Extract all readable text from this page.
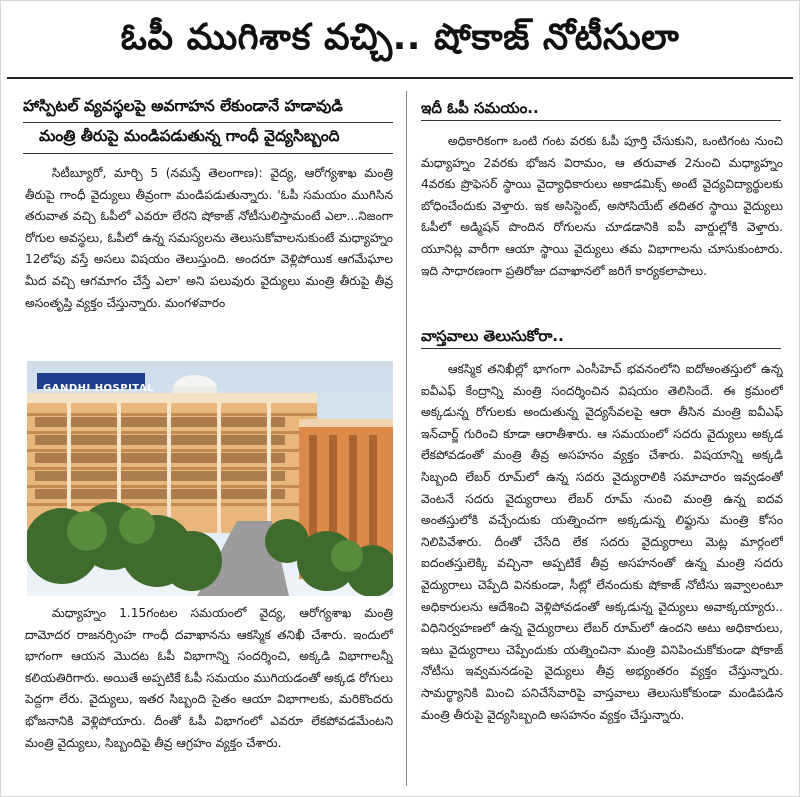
ఓపీ ముగిశాక వచ్చి.. షోకాజ్ నోటీసులా
హాస్పిటల్ వ్యవస్థలపై అవగాహన లేకుండానే హడావుడి
మంత్రి తీరుపై మండిపడుతున్న గాంధీ వైద్యసిబ్బంది

సిటీబ్యూరో, మార్చి 5 (నమస్తే తెలంగాణ): వైద్య, ఆరోగ్యశాఖ మంత్రి తీరుపై గాంధీ వైద్యులు తీవ్రంగా మండిపడుతున్నారు. 'ఓపీ సమయం ముగిసిన తరువాత వచ్చి ఓపీలో ఎవరూ లేరని షోకాజ్ నోటీసులిస్తామంటే ఎలా...నిజంగా రోగుల అవస్థలు, ఓపీలో ఉన్న సమస్యలను తెలుసుకోవాలనుకుంటే మధ్యాహ్నం 12లోపు వస్తే అసలు విషయం తెలుస్తుంది. అందరూ వెళ్లిపోయిక ఆగమేఘాల మీద వచ్చి ఆగమాగం చేస్తే ఎలా' అని పలువురు వైద్యులు మంత్రి తీరుపై తీవ్ర అసంతృప్తి వ్యక్తం చేస్తున్నారు. మంగళవారం

GANDHI HOSPITAL

మధ్యాహ్నం 1.15గంటల సమయంలో వైద్య, ఆరోగ్యశాఖ మంత్రి దామోదర రాజనర్సింహ గాంధీ దవాఖానను ఆకస్మిక తనిఖీ చేశారు. ఇందులో భాగంగా ఆయన మొదట ఓపీ విభాగాన్ని సందర్శించి, అక్కడి విభాగాలన్నీ కలియతిరిగారు. అయితే అప్పటికే ఓపీ సమయం ముగియడంతో అక్కడ రోగులు పెద్దగా లేరు. వైద్యులు, ఇతర సిబ్బంది సైతం ఆయా విభాగాలకు, మరికొందరు భోజనానికి వెళ్లిపోయారు. దీంతో ఓపీ విభాగంలో ఎవరూ లేకపోవడమేంటని మంత్రి వైద్యులు, సిబ్బందిపై తీవ్ర ఆగ్రహం వ్యక్తం చేశారు.

ఇదీ ఓపీ సమయం..

అధికారికంగా ఒంటి గంట వరకు ఓపీ పూర్తి చేసుకుని, ఒంటిగంట నుంచి మధ్యాహ్నం 2వరకు భోజన విరామం, ఆ తరువాత 2నుంచి మధ్యాహ్నం 4వరకు ప్రొఫెసర్ స్థాయి వైద్యాధికారులు అకాడమిక్స్ అంటే వైద్యవిద్యార్థులకు బోధించేందుకు వెళ్తారు. ఇక అసిస్టెంట్, అసోసియేట్ తదితర స్థాయి వైద్యులు ఓపీలో అడ్మిషన్ పొందిన రోగులను చూడడానికి ఐపీ వార్డుల్లోకి వెళ్తారు. యూనిట్ల వారీగా ఆయా స్థాయి వైద్యులు తమ విభాగాలను చూసుకుంటారు. ఇది సాధారణంగా ప్రతిరోజు దవాఖానలో జరిగే కార్యకలాపాలు.

వాస్తవాలు తెలుసుకోరా..

ఆకస్మిక తనిఖీల్లో భాగంగా ఎంసీహెచ్ భవనంలోని ఐదోఅంతస్తులో ఉన్న ఐవీఎఫ్ కేంద్రాన్ని మంత్రి సందర్శించిన విషయం తెలిసిందే. ఈ క్రమంలో అక్కడున్న రోగులకు అందుతున్న వైద్యసేవలపై ఆరా తీసిన మంత్రి ఐవీఎఫ్ ఇన్‌చార్జ్ గురించి కూడా ఆరాతీశారు. ఆ సమయంలో సదరు వైద్యులు అక్కడ లేకపోవడంతో మంత్రి తీవ్ర అసహనం వ్యక్తం చేశారు. విషయాన్ని అక్కడి సిబ్బంది లేబర్ రూమ్‌లో ఉన్న సదరు వైద్యురాలికి సమాచారం ఇవ్వడంతో వెంటనే సదరు వైద్యురాలు లేబర్ రూమ్ నుంచి మంత్రి ఉన్న ఐదవ అంతస్తులోకి వచ్చేందుకు యత్నించగా అక్కడున్న లిఫ్టును మంత్రి కోసం నిలిపివేశారు. దీంతో చేసేది లేక సదరు వైద్యురాలు మెట్ల మార్గంలో ఐదంతస్తులెక్కి వచ్చినా అప్పటికే తీవ్ర అసహనంతో ఉన్న మంత్రి సదరు వైద్యురాలు చెప్పేది వినకుండా, సీట్లో లేనందుకు షోకాజ్ నోటీసు ఇవ్వాలంటూ అధికారులను ఆదేశించి వెళ్లిపోవడంతో అక్కడున్న వైద్యులు అవాక్కయ్యారు.. విధినిర్వహణలో ఉన్న వైద్యురాలు లేబర్ రూమ్‌లో ఉందని అటు అధికారులు, ఇటు వైద్యురాలు చెప్పేందుకు యత్నించినా మంత్రి వినిపించుకోకుండా షోకాజ్ నోటీసు ఇవ్వమనడంపై వైద్యులు తీవ్ర అభ్యంతరం వ్యక్తం చేస్తున్నారు. సామర్థ్యానికి మించి పనిచేసేవారిపై వాస్తవాలు తెలుసుకోకుండా మండిపడిన మంత్రి తీరుపై వైద్యసిబ్బంది అసహనం వ్యక్తం చేస్తున్నారు.
